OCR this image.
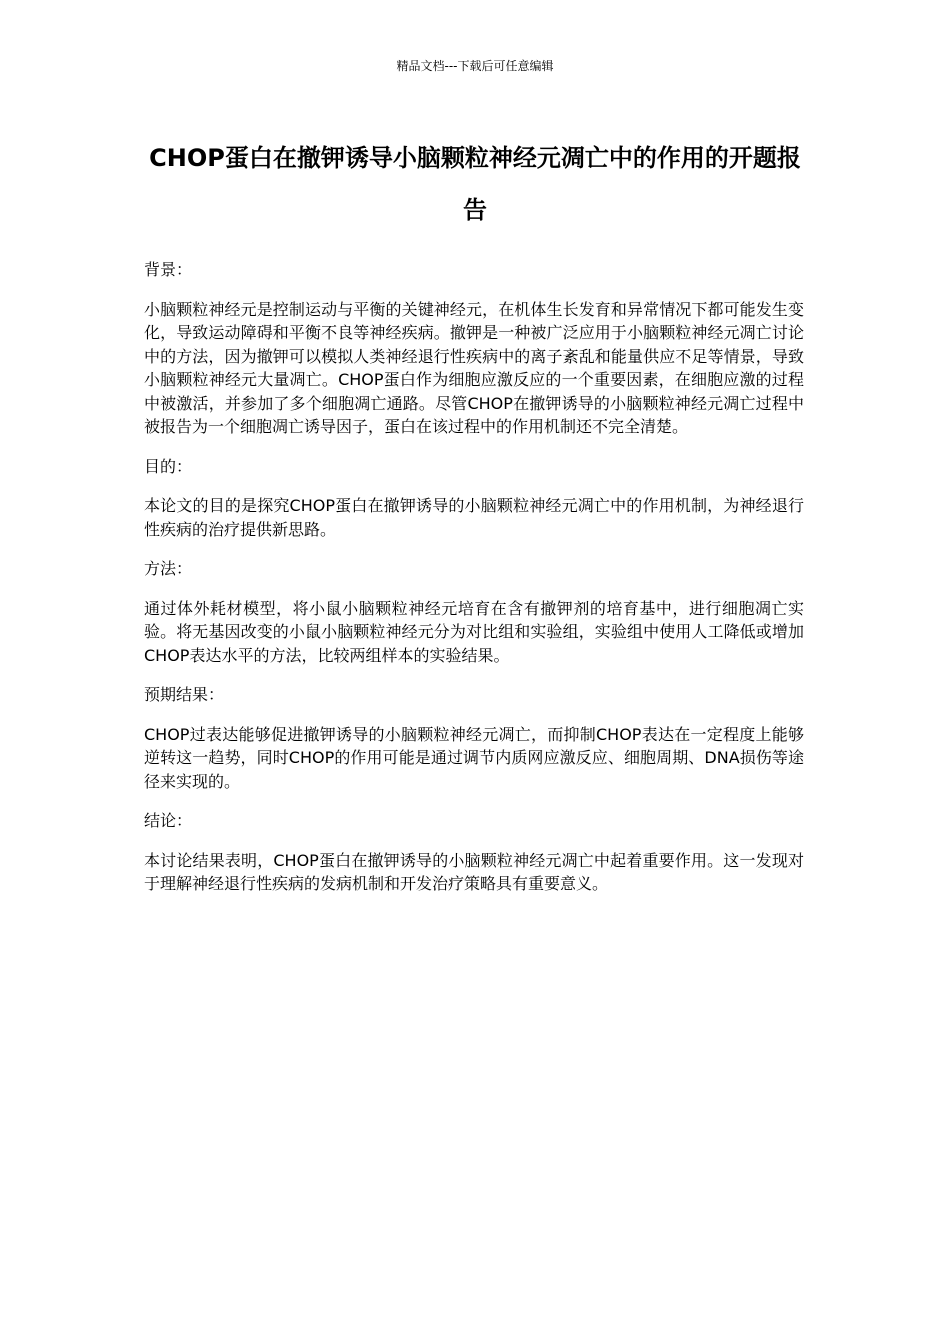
精品文档---下载后可任意编辑
CHOP蛋白在撤钾诱导小脑颗粒神经元凋亡中的作用的开题报告

背景：

小脑颗粒神经元是控制运动与平衡的关键神经元，在机体生长发育和异常情况下都可能发生变化，导致运动障碍和平衡不良等神经疾病。撤钾是一种被广泛应用于小脑颗粒神经元凋亡讨论中的方法，因为撤钾可以模拟人类神经退行性疾病中的离子紊乱和能量供应不足等情景，导致小脑颗粒神经元大量凋亡。CHOP蛋白作为细胞应激反应的一个重要因素，在细胞应激的过程中被激活，并参加了多个细胞凋亡通路。尽管CHOP在撤钾诱导的小脑颗粒神经元凋亡过程中被报告为一个细胞凋亡诱导因子，蛋白在该过程中的作用机制还不完全清楚。

目的：

本论文的目的是探究CHOP蛋白在撤钾诱导的小脑颗粒神经元凋亡中的作用机制，为神经退行性疾病的治疗提供新思路。

方法：

通过体外耗材模型，将小鼠小脑颗粒神经元培育在含有撤钾剂的培育基中，进行细胞凋亡实验。将无基因改变的小鼠小脑颗粒神经元分为对比组和实验组，实验组中使用人工降低或增加CHOP表达水平的方法，比较两组样本的实验结果。

预期结果：

CHOP过表达能够促进撤钾诱导的小脑颗粒神经元凋亡，而抑制CHOP表达在一定程度上能够逆转这一趋势，同时CHOP的作用可能是通过调节内质网应激反应、细胞周期、DNA损伤等途径来实现的。

结论：

本讨论结果表明，CHOP蛋白在撤钾诱导的小脑颗粒神经元凋亡中起着重要作用。这一发现对于理解神经退行性疾病的发病机制和开发治疗策略具有重要意义。
